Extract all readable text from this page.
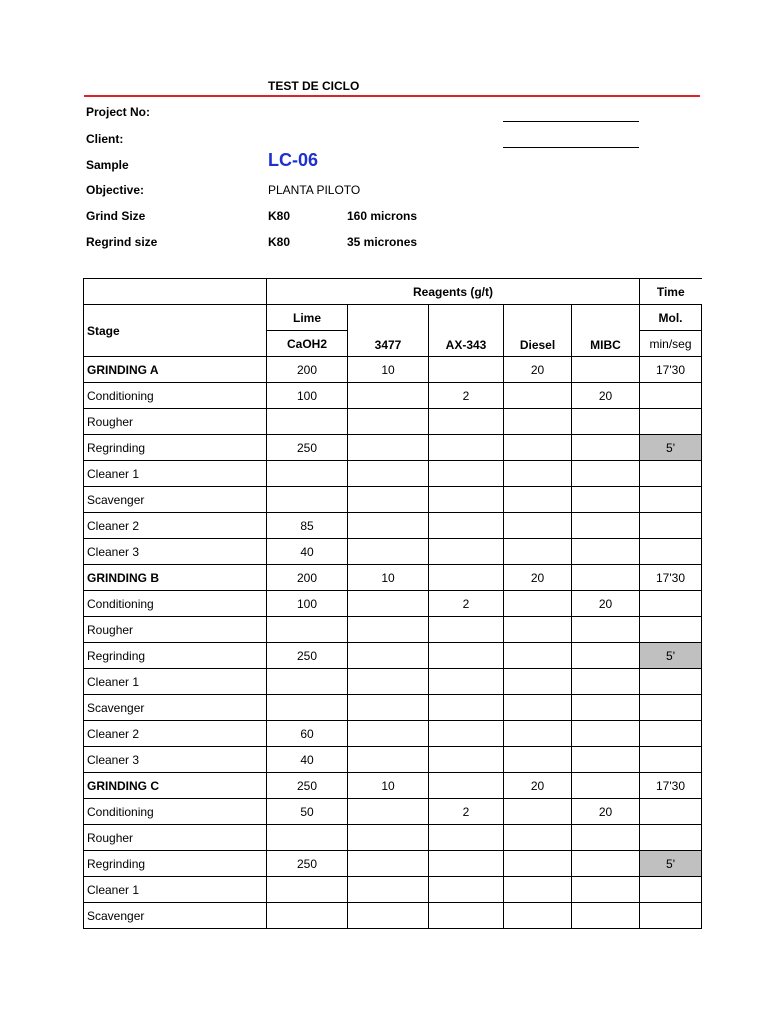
TEST DE CICLO
Project No:
Client:
Sample	LC-06
Objective:	PLANTA PILOTO
Grind Size	K80	160 microns
Regrind size	K80	35 micrones
	Reagents (g/t)					Time
Stage	Lime	3477	AX-343	Diesel	MIBC	Mol.
	CaOH2					min/seg
GRINDING A	200	10		20		17'30
Conditioning	100		2		20	
Rougher						
Regrinding	250					5'
Cleaner 1						
Scavenger						
Cleaner 2	85					
Cleaner 3	40					
GRINDING B	200	10		20		17'30
Conditioning	100		2		20	
Rougher						
Regrinding	250					5'
Cleaner 1						
Scavenger						
Cleaner 2	60					
Cleaner 3	40					
GRINDING C	250	10		20		17'30
Conditioning	50		2		20	
Rougher						
Regrinding	250					5'
Cleaner 1						
Scavenger						
